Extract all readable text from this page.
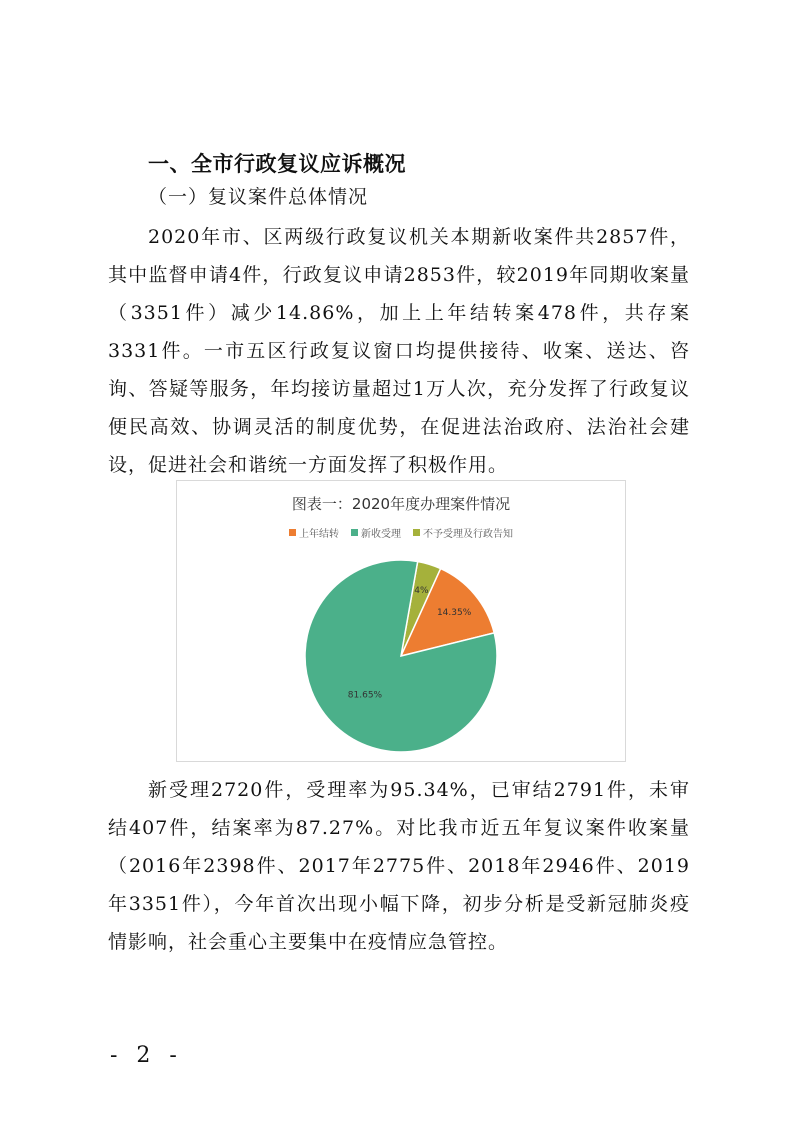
一、全市行政复议应诉概况
（一）复议案件总体情况

2020年市、区两级行政复议机关本期新收案件共2857件，其中监督申请4件，行政复议申请2853件，较2019年同期收案量（3351件）减少14.86%，加上上年结转案478件，共存案3331件。一市五区行政复议窗口均提供接待、收案、送达、咨询、答疑等服务，年均接访量超过1万人次，充分发挥了行政复议便民高效、协调灵活的制度优势，在促进法治政府、法治社会建设，促进社会和谐统一方面发挥了积极作用。

图表一：2020年度办理案件情况
上年结转 新收受理 不予受理及行政告知
4%
14.35%
81.65%

新受理2720件，受理率为95.34%，已审结2791件，未审结407件，结案率为87.27%。对比我市近五年复议案件收案量（2016年2398件、2017年2775件、2018年2946件、2019年3351件），今年首次出现小幅下降，初步分析是受新冠肺炎疫情影响，社会重心主要集中在疫情应急管控。

- 2 -
